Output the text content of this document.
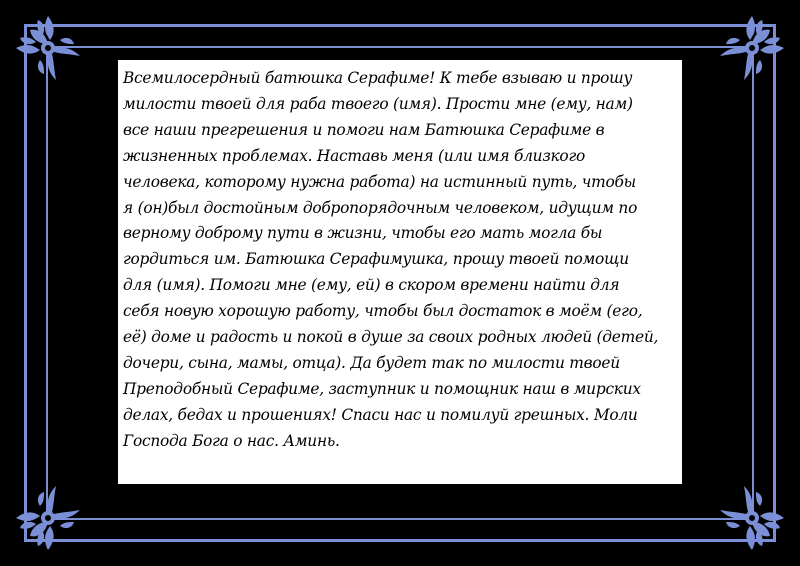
Всемилосердный батюшка Серафиме! К тебе взываю и прошу
милости твоей для раба твоего (имя). Прости мне (ему, нам)
все наши прегрешения и помоги нам Батюшка Серафиме в
жизненных проблемах. Наставь меня (или имя близкого
человека, которому нужна работа) на истинный путь, чтобы
я (он)был достойным добропорядочным человеком, идущим по
верному доброму пути в жизни, чтобы его мать могла бы
гордиться им. Батюшка Серафимушка, прошу твоей помощи
для (имя). Помоги мне (ему, ей) в скором времени найти для
себя новую хорошую работу, чтобы был достаток в моём (его,
её) доме и радость и покой в душе за своих родных людей (детей,
дочери, сына, мамы, отца). Да будет так по милости твоей
Преподобный Серафиме, заступник и помощник наш в мирских
делах, бедах и прошениях! Спаси нас и помилуй грешных. Моли
Господа Бога о нас. Аминь.
